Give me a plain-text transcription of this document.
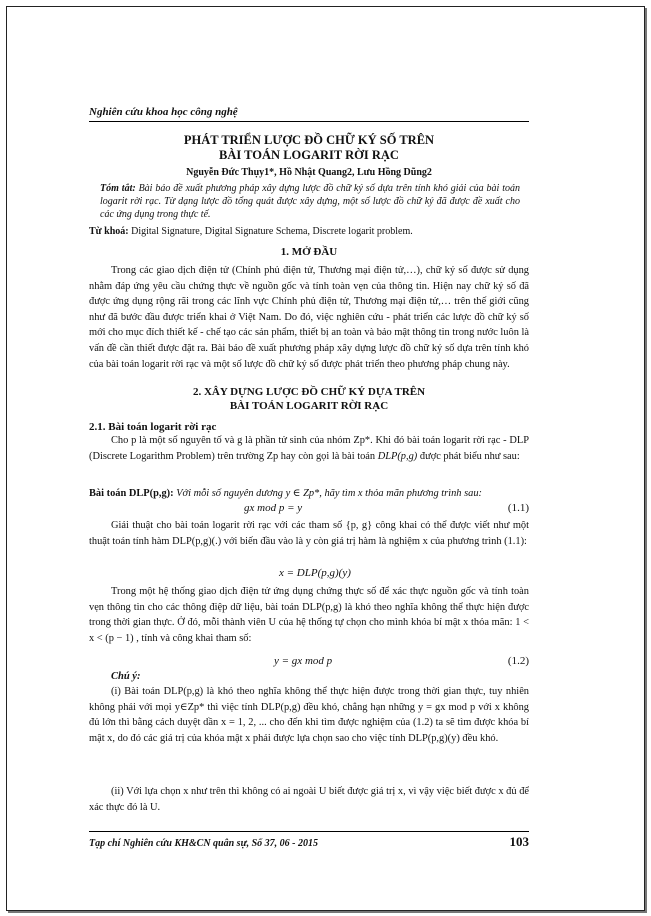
Nghiên cứu khoa học công nghệ
PHÁT TRIỂN LƯỢC ĐỒ CHỮ KÝ SỐ TRÊN
BÀI TOÁN LOGARIT RỜI RẠC
Nguyễn Đức Thụy1*, Hồ Nhật Quang2, Lưu Hồng Dũng2
Tóm tắt: Bài báo đề xuất phương pháp xây dựng lược đồ chữ ký số dựa trên tính khó giải của bài toán logarit rời rạc. Từ dạng lược đồ tổng quát được xây dựng, một số lược đồ chữ ký đã được đề xuất cho các ứng dụng trong thực tế.
Từ khoá: Digital Signature, Digital Signature Schema, Discrete logarit problem.
1. MỞ ĐẦU
Trong các giao dịch điện tử (Chính phủ điện tử, Thương mại điện tử,…), chữ ký số được sử dụng nhằm đáp ứng yêu cầu chứng thực về nguồn gốc và tính toàn vẹn của thông tin. Hiện nay chữ ký số đã được ứng dụng rộng rãi trong các lĩnh vực Chính phủ điện tử, Thương mại điện tử,… trên thế giới cũng như đã bước đầu được triển khai ở Việt Nam. Do đó, việc nghiên cứu - phát triển các lược đồ chữ ký số mới cho mục đích thiết kế - chế tạo các sản phẩm, thiết bị an toàn và bảo mật thông tin trong nước luôn là vấn đề cần thiết được đặt ra. Bài báo đề xuất phương pháp xây dựng lược đồ chữ ký số dựa trên tính khó của bài toán logarit rời rạc và một số lược đồ chữ ký số được phát triển theo phương pháp chung này.
2. XÂY DỰNG LƯỢC ĐỒ CHỮ KÝ DỰA TRÊN
BÀI TOÁN LOGARIT RỜI RẠC
2.1. Bài toán logarit rời rạc
Cho p là một số nguyên tố và g là phần tử sinh của nhóm Zp*. Khi đó bài toán logarit rời rạc - DLP (Discrete Logarithm Problem) trên trường Zp hay còn gọi là bài toán DLP(p,g) được phát biểu như sau:
Bài toán DLP(p,g): Với mỗi số nguyên dương y ∈ Zp*, hãy tìm x thỏa mãn phương trình sau:
gx mod p = y	(1.1)
Giải thuật cho bài toán logarit rời rạc với các tham số {p, g} công khai có thể được viết như một thuật toán tính hàm DLP(p,g)(.) với biến đầu vào là y còn giá trị hàm là nghiệm x của phương trình (1.1):
x = DLP(p,g)(y)
Trong một hệ thống giao dịch điện tử ứng dụng chứng thực số để xác thực nguồn gốc và tính toàn vẹn thông tin cho các thông điệp dữ liệu, bài toán DLP(p,g) là khó theo nghĩa không thể thực hiện được trong thời gian thực. Ở đó, mỗi thành viên U của hệ thống tự chọn cho mình khóa bí mật x thỏa mãn: 1 < x < (p − 1) , tính và công khai tham số:
y = gx mod p	(1.2)
Chú ý:
(i) Bài toán DLP(p,g) là khó theo nghĩa không thể thực hiện được trong thời gian thực, tuy nhiên không phải với mọi y∈Zp* thì việc tính DLP(p,g) đều khó, chẳng hạn những y = gx mod p với x không đủ lớn thì bằng cách duyệt dần x = 1, 2, ... cho đến khi tìm được nghiệm của (1.2) ta sẽ tìm được khóa bí mật x, do đó các giá trị của khóa mật x phải được lựa chọn sao cho việc tính DLP(p,g)(y) đều khó.
(ii) Với lựa chọn x như trên thì không có ai ngoài U biết được giá trị x, vì vậy việc biết được x đủ để xác thực đó là U.
Tạp chí Nghiên cứu KH&CN quân sự, Số 37, 06 - 2015	103
